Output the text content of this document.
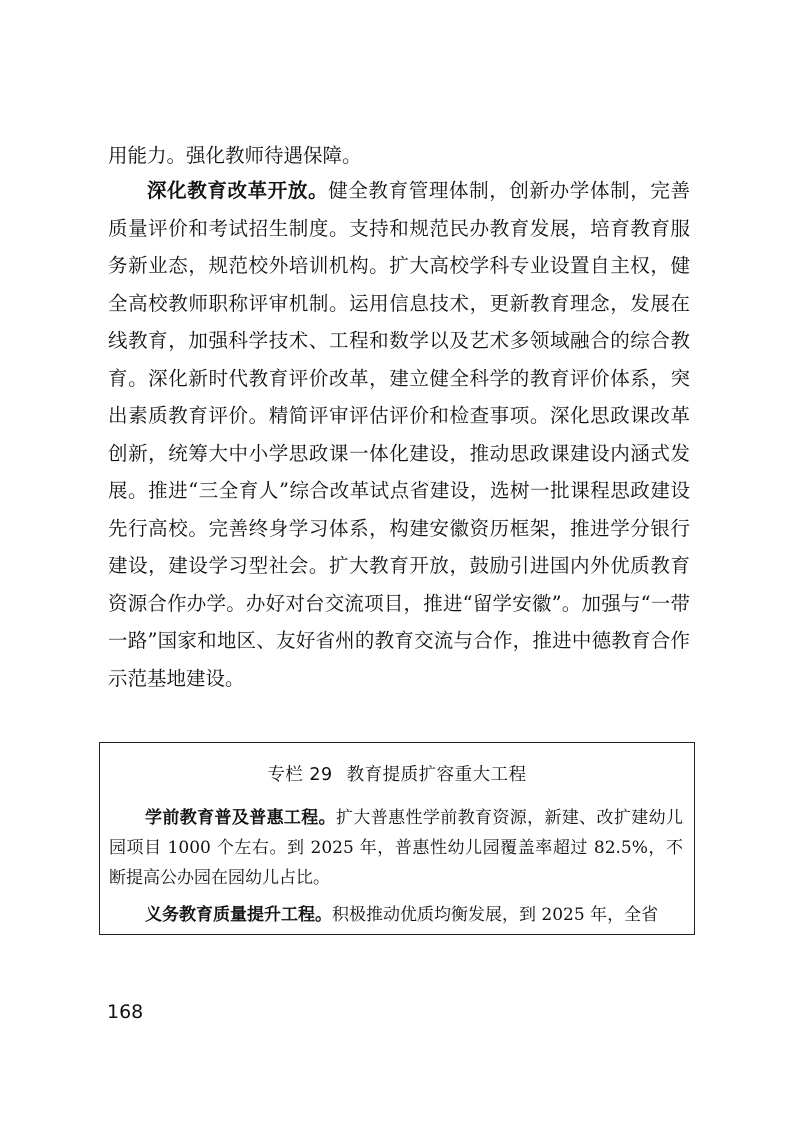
用能力。强化教师待遇保障。

深化教育改革开放。健全教育管理体制，创新办学体制，完善质量评价和考试招生制度。支持和规范民办教育发展，培育教育服务新业态，规范校外培训机构。扩大高校学科专业设置自主权，健全高校教师职称评审机制。运用信息技术，更新教育理念，发展在线教育，加强科学技术、工程和数学以及艺术多领域融合的综合教育。深化新时代教育评价改革，建立健全科学的教育评价体系，突出素质教育评价。精简评审评估评价和检查事项。深化思政课改革创新，统筹大中小学思政课一体化建设，推动思政课建设内涵式发展。推进“三全育人”综合改革试点省建设，选树一批课程思政建设先行高校。完善终身学习体系，构建安徽资历框架，推进学分银行建设，建设学习型社会。扩大教育开放，鼓励引进国内外优质教育资源合作办学。办好对台交流项目，推进“留学安徽”。加强与“一带一路”国家和地区、友好省州的教育交流与合作，推进中德教育合作示范基地建设。

专栏 29 教育提质扩容重大工程

学前教育普及普惠工程。扩大普惠性学前教育资源，新建、改扩建幼儿园项目 1000 个左右。到 2025 年，普惠性幼儿园覆盖率超过 82.5%，不断提高公办园在园幼儿占比。

义务教育质量提升工程。积极推动优质均衡发展，到 2025 年，全省

168
